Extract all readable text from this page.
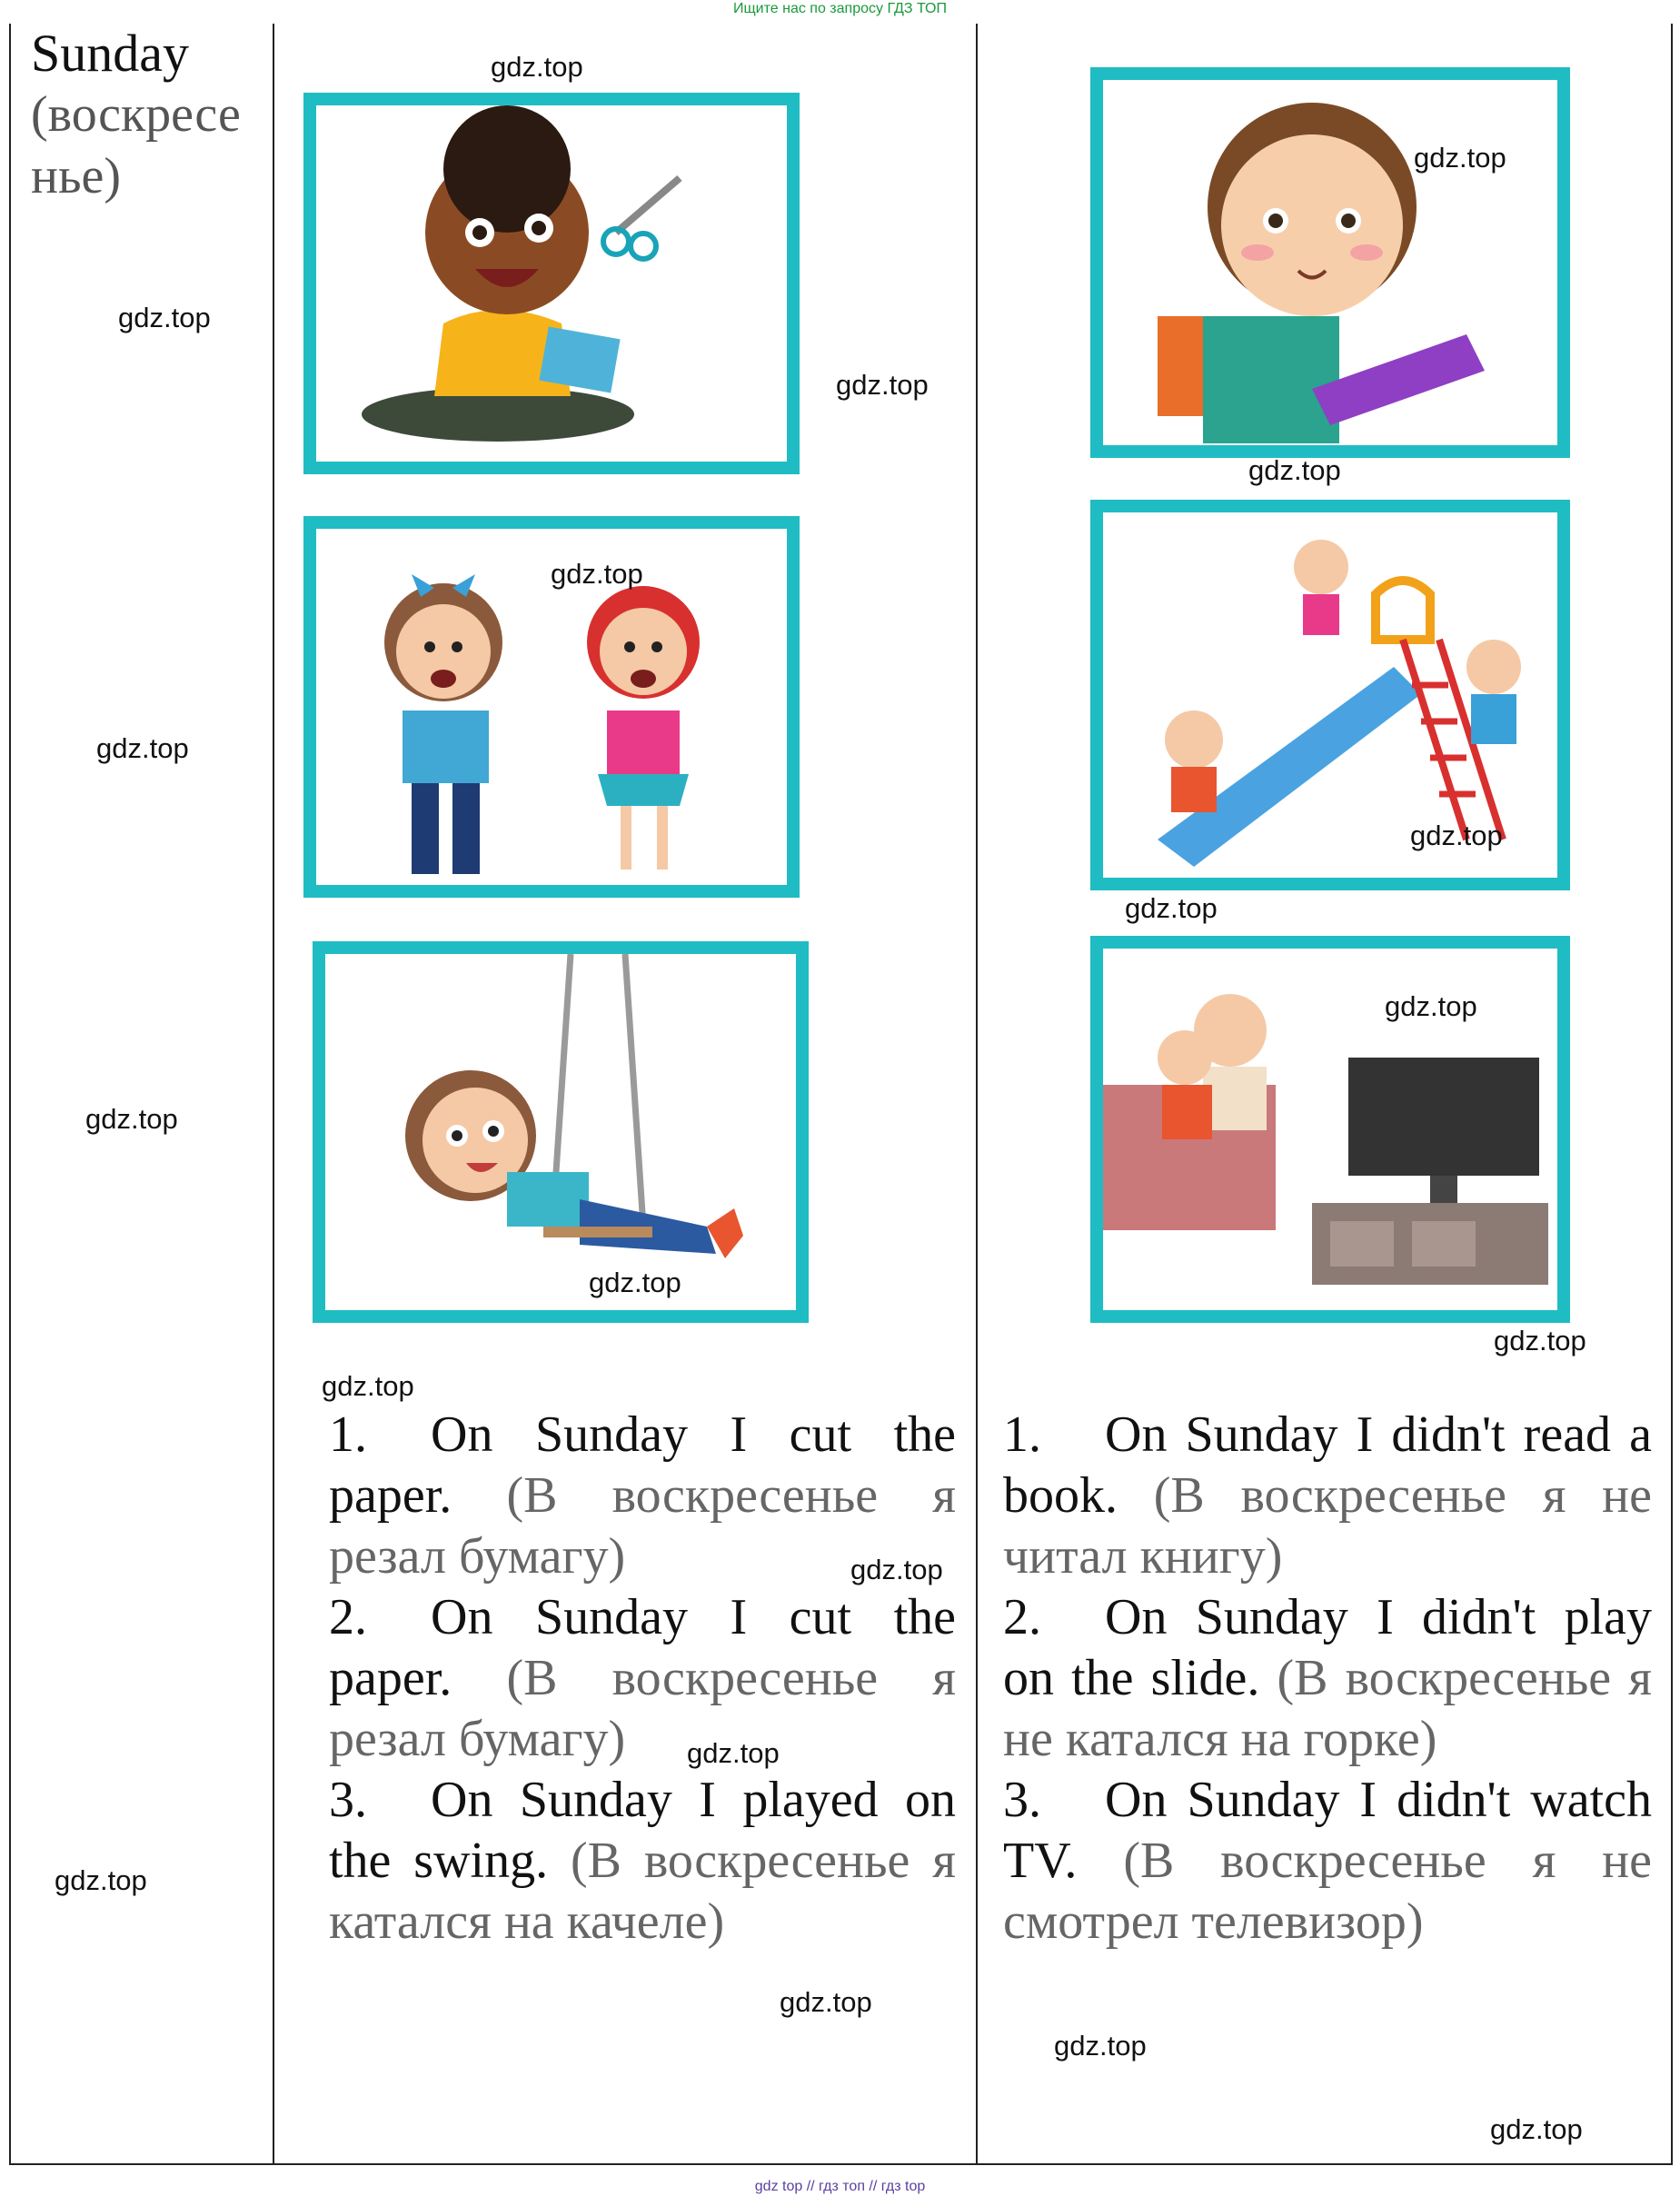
Ищите нас по запросу ГДЗ ТОП
Sunday
(воскресенье)
1. On Sunday I cut the paper. (В воскресенье я резал бумагу)
2. On Sunday I cut the paper. (В воскресенье я резал бумагу)
3. On Sunday I played on the swing. (В воскресенье я катался на качеле)
1. On Sunday I didn't read a book. (В воскресенье я не читал книгу)
2. On Sunday I didn't play on the slide. (В воскресенье я не катался на горке)
3. On Sunday I didn't watch TV. (В воскресенье я не смотрел телевизор)
gdz.top
gdz.top
gdz.top
gdz.top
gdz.top
gdz.top
gdz.top
gdz.top
gdz.top
gdz.top
gdz.top
gdz.top
gdz.top
gdz.top
gdz.top
gdz.top
gdz.top
gdz.top
gdz.top
gdz.top
gdz top // гдз топ // гдз top
